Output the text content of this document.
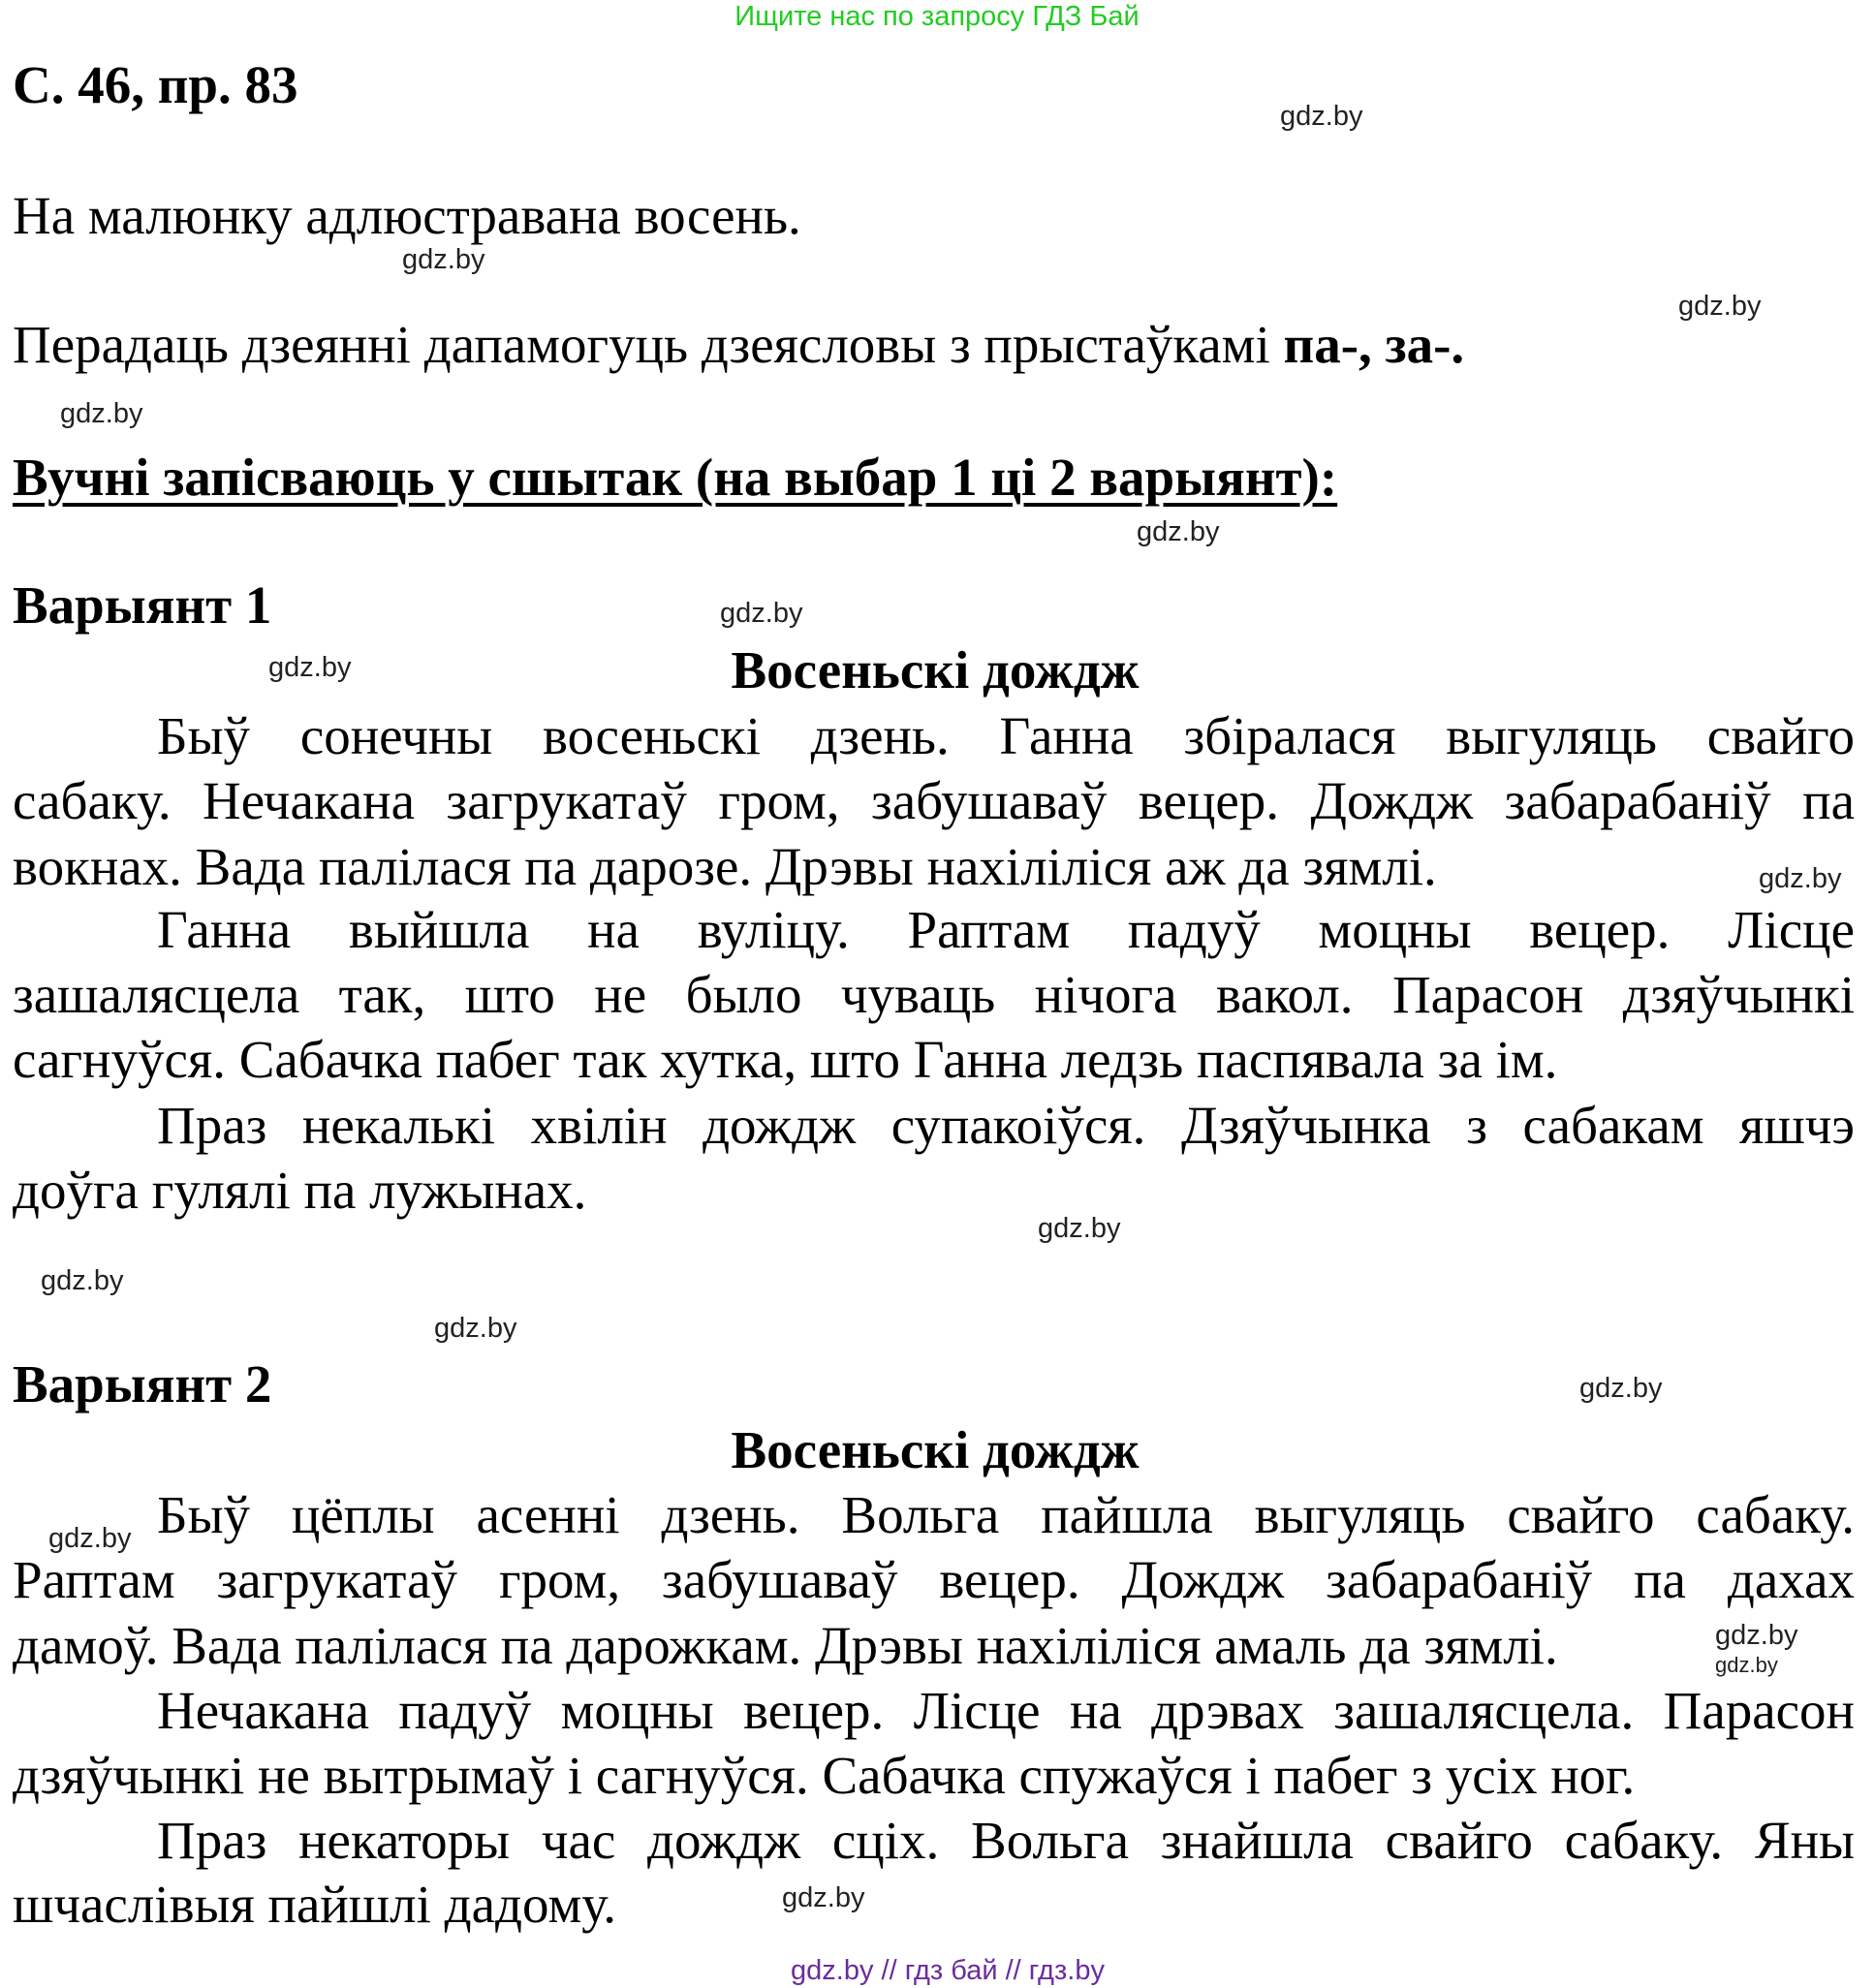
Ищите нас по запросу ГДЗ Бай
С. 46, пр. 83
На малюнку адлюстравана восень.
Перадаць дзеянні дапамогуць дзеясловы з прыстаўкамі па-, за-.
Вучні запісваюць у сшытак (на выбар 1 ці 2 варыянт):
Варыянт 1
Восеньскі дождж
Быў сонечны восеньскі дзень. Ганна збіралася выгуляць свайго
сабаку. Нечакана загрукатаў гром, забушаваў вецер. Дождж забарабаніў па
вокнах. Вада палілася па дарозе. Дрэвы нахіліліся аж да зямлі.
Ганна выйшла на вуліцу. Раптам падуў моцны вецер. Лісце
зашалясцела так, што не было чуваць нічога вакол. Парасон дзяўчынкі
сагнуўся. Сабачка пабег так хутка, што Ганна ледзь паспявала за ім.
Праз некалькі хвілін дождж супакоіўся. Дзяўчынка з сабакам яшчэ
доўга гулялі па лужынах.
Варыянт 2
Восеньскі дождж
Быў цёплы асенні дзень. Вольга пайшла выгуляць свайго сабаку.
Раптам загрукатаў гром, забушаваў вецер. Дождж забарабаніў па дахах
дамоў. Вада палілася па дарожкам. Дрэвы нахіліліся амаль да зямлі.
Нечакана падуў моцны вецер. Лісце на дрэвах зашалясцела. Парасон
дзяўчынкі не вытрымаў і сагнуўся. Сабачка спужаўся і пабег з усіх ног.
Праз некаторы час дождж сціх. Вольга знайшла свайго сабаку. Яны
шчаслівыя пайшлі дадому.
gdz.by
gdz.by
gdz.by
gdz.by
gdz.by
gdz.by
gdz.by
gdz.by
gdz.by
gdz.by
gdz.by
gdz.by
gdz.by
gdz.by
gdz.by
gdz.by
gdz.by // гдз бай // гдз.by
